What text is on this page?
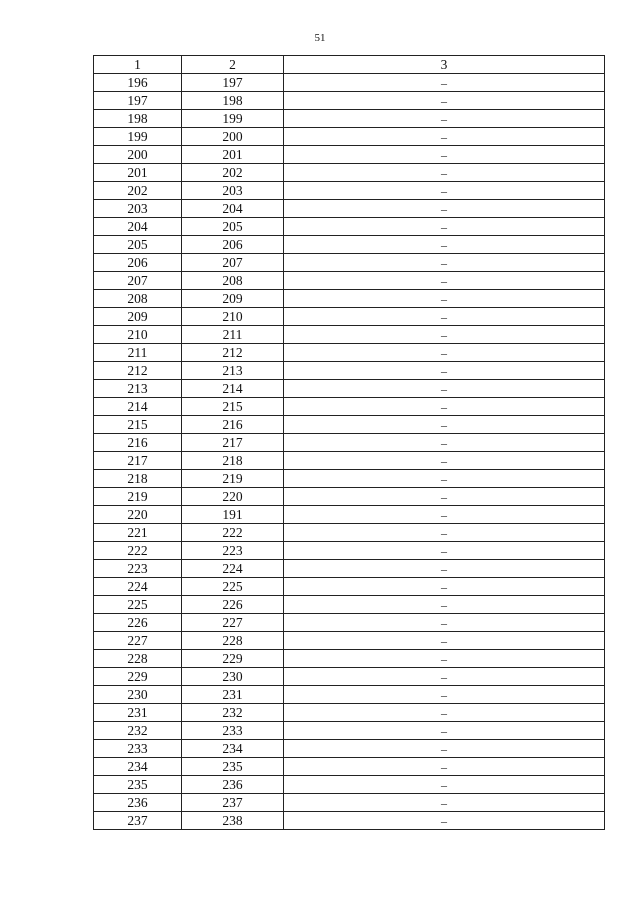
51
1	2	3
196	197	–
197	198	–
198	199	–
199	200	–
200	201	–
201	202	–
202	203	–
203	204	–
204	205	–
205	206	–
206	207	–
207	208	–
208	209	–
209	210	–
210	211	–
211	212	–
212	213	–
213	214	–
214	215	–
215	216	–
216	217	–
217	218	–
218	219	–
219	220	–
220	191	–
221	222	–
222	223	–
223	224	–
224	225	–
225	226	–
226	227	–
227	228	–
228	229	–
229	230	–
230	231	–
231	232	–
232	233	–
233	234	–
234	235	–
235	236	–
236	237	–
237	238	–
